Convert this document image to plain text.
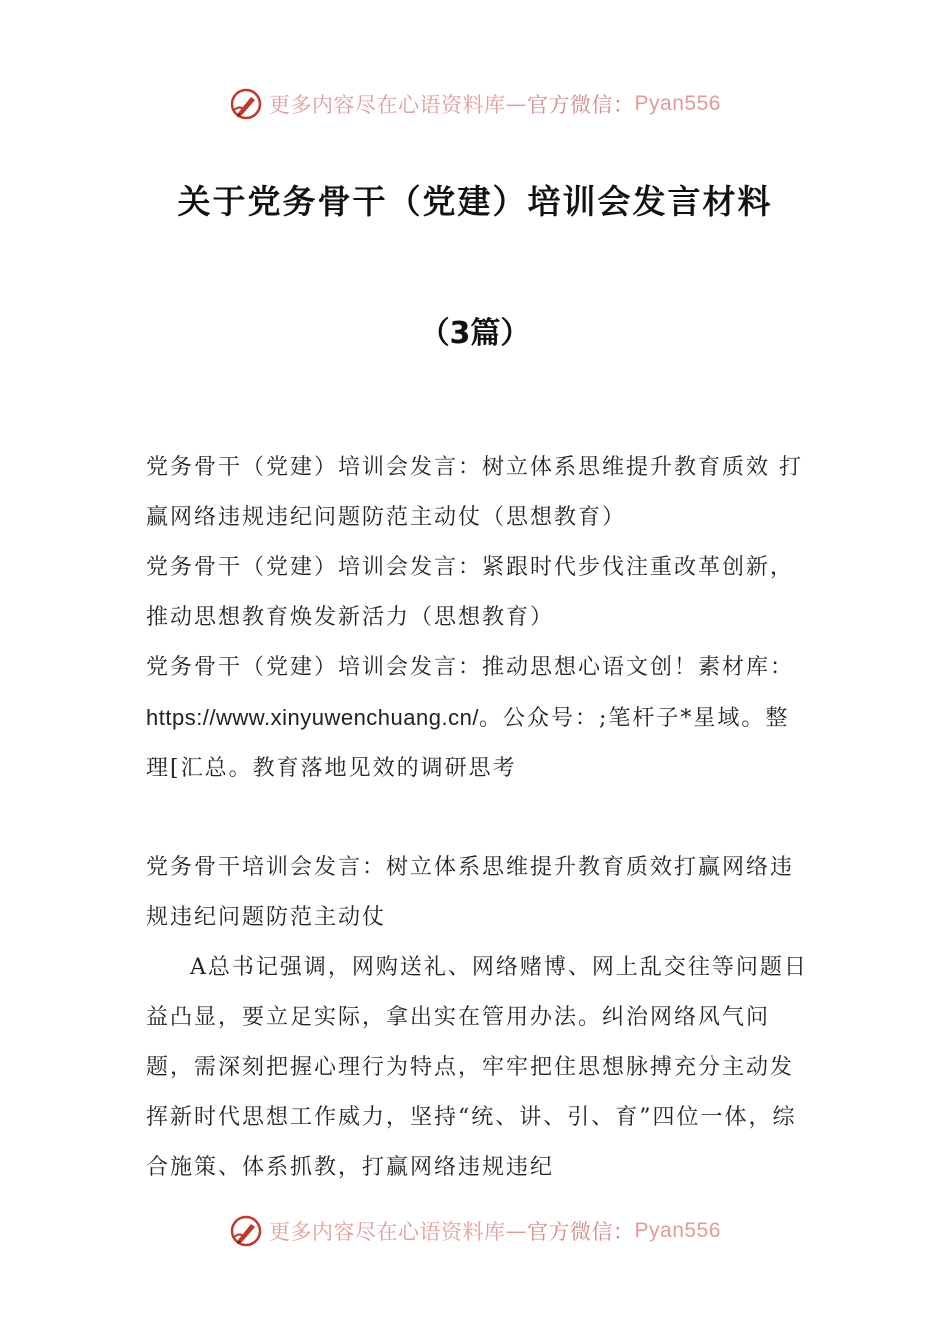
更多内容尽在心语资料库 — 官方微信： Pyan556
关于党务骨干（党建）培训会发言材料
（3篇）

党务骨干（党建）培训会发言：树立体系思维提升教育质效 打赢网络违规违纪问题防范主动仗（思想教育）

党务骨干（党建）培训会发言：紧跟时代步伐注重改革创新，推动思想教育焕发新活力（思想教育）

党务骨干（党建）培训会发言：推动思想心语文创！素材库：https://www.xinyuwenchuang.cn/。公众号：;笔杆子*星域。整理[汇总。教育落地见效的调研思考

党务骨干培训会发言：树立体系思维提升教育质效打赢网络违规违纪问题防范主动仗

A总书记强调，网购送礼、网络赌博、网上乱交往等问题日益凸显，要立足实际，拿出实在管用办法。纠治网络风气问题，需深刻把握心理行为特点，牢牢把住思想脉搏充分主动发挥新时代思想工作威力，坚持“统、讲、引、育”四位一体，综合施策、体系抓教，打赢网络违规违纪

更多内容尽在心语资料库 — 官方微信： Pyan556
